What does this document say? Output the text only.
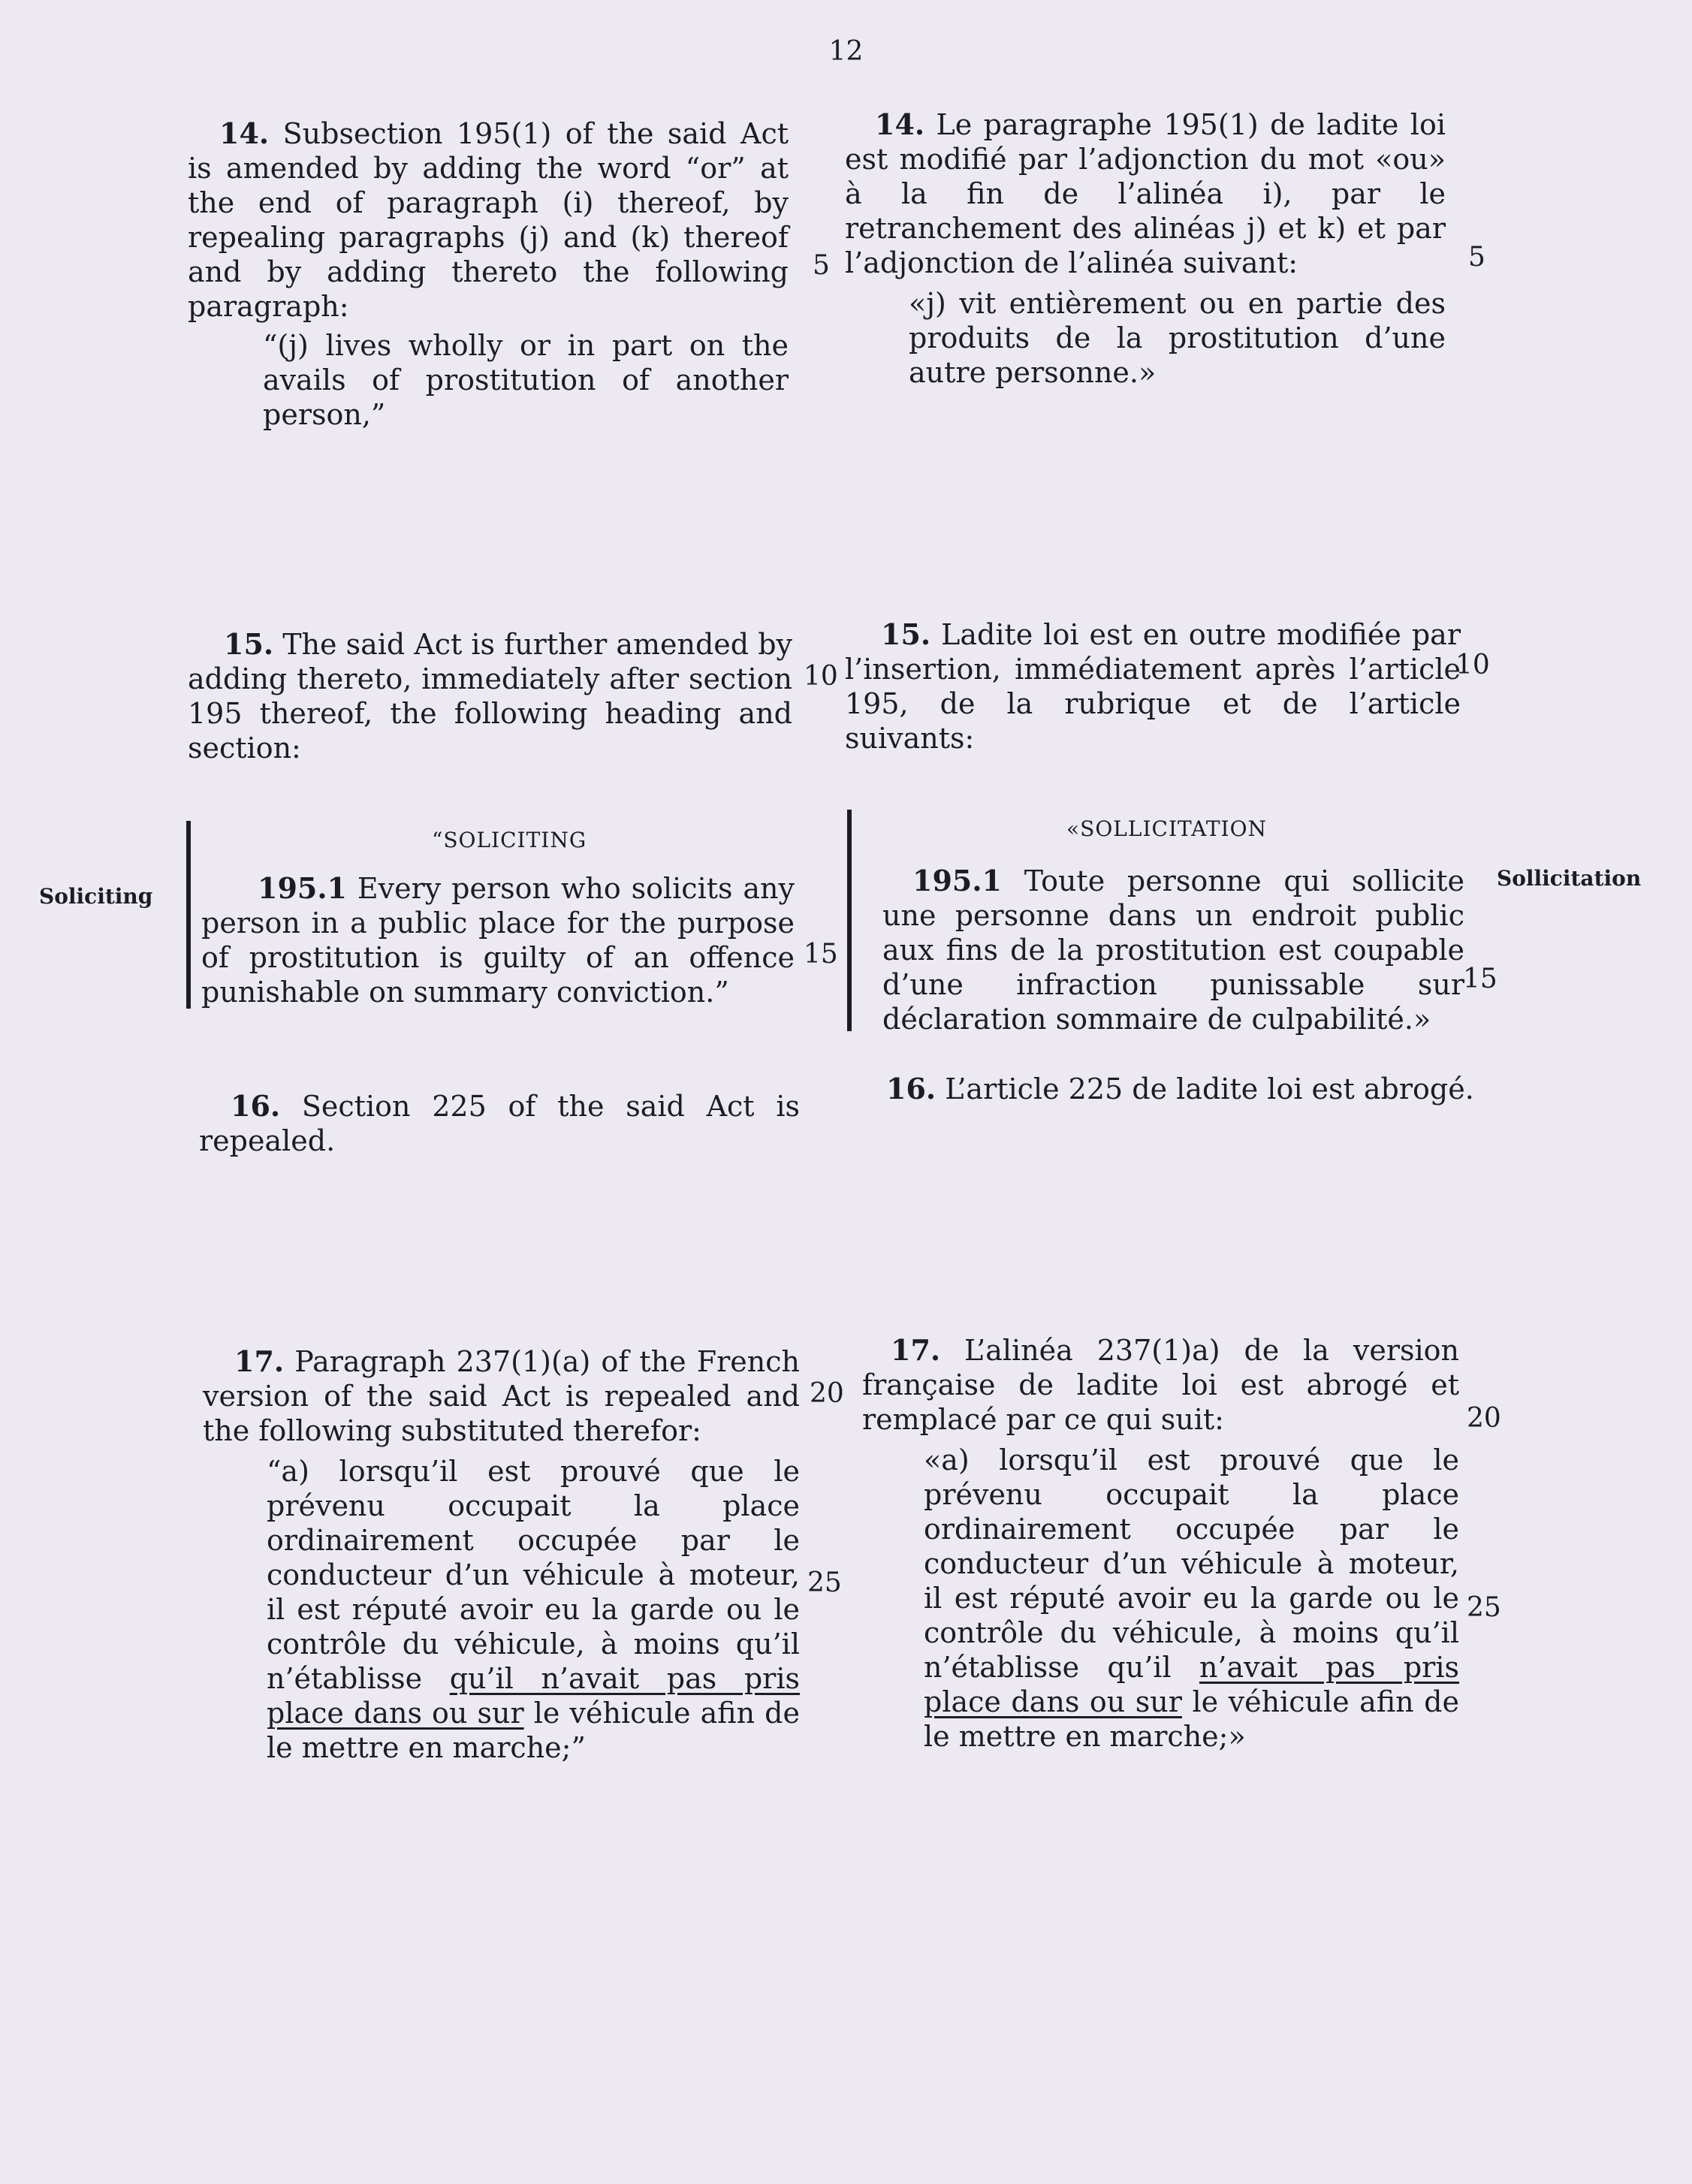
12

14. Subsection 195(1) of the said Act is amended by adding the word “or” at the end of paragraph (i) thereof, by repealing paragraphs (j) and (k) thereof and by adding thereto the following paragraph:

“(j) lives wholly or in part on the avails of prostitution of another person,”

15. The said Act is further amended by adding thereto, immediately after section 195 thereof, the following heading and section:

“SOLICITING

195.1 Every person who solicits any person in a public place for the purpose of prostitution is guilty of an offence punishable on summary conviction.”

Soliciting

16. Section 225 of the said Act is repealed.

17. Paragraph 237(1)(a) of the French version of the said Act is repealed and the following substituted therefor:

“a) lorsqu’il est prouvé que le prévenu occupait la place ordinairement occupée par le conducteur d’un véhicule à moteur, il est réputé avoir eu la garde ou le contrôle du véhicule, à moins qu’il n’établisse qu’il n’avait pas pris place dans ou sur le véhicule afin de le mettre en marche;”

5
10
15
20
25

14. Le paragraphe 195(1) de ladite loi est modifié par l’adjonction du mot «ou» à la fin de l’alinéa i), par le retranchement des alinéas j) et k) et par l’adjonction de l’alinéa suivant:

«j) vit entièrement ou en partie des produits de la prostitution d’une autre personne.»

15. Ladite loi est en outre modifiée par l’insertion, immédiatement après l’article 195, de la rubrique et de l’article suivants:

«SOLLICITATION

195.1 Toute personne qui sollicite une personne dans un endroit public aux fins de la prostitution est coupable d’une infraction punissable sur déclaration sommaire de culpabilité.»

Sollicitation

16. L’article 225 de ladite loi est abrogé.

17. L’alinéa 237(1)a) de la version française de ladite loi est abrogé et remplacé par ce qui suit:

«a) lorsqu’il est prouvé que le prévenu occupait la place ordinairement occupée par le conducteur d’un véhicule à moteur, il est réputé avoir eu la garde ou le contrôle du véhicule, à moins qu’il n’établisse qu’il n’avait pas pris place dans ou sur le véhicule afin de le mettre en marche;»

5
10
15
20
25
